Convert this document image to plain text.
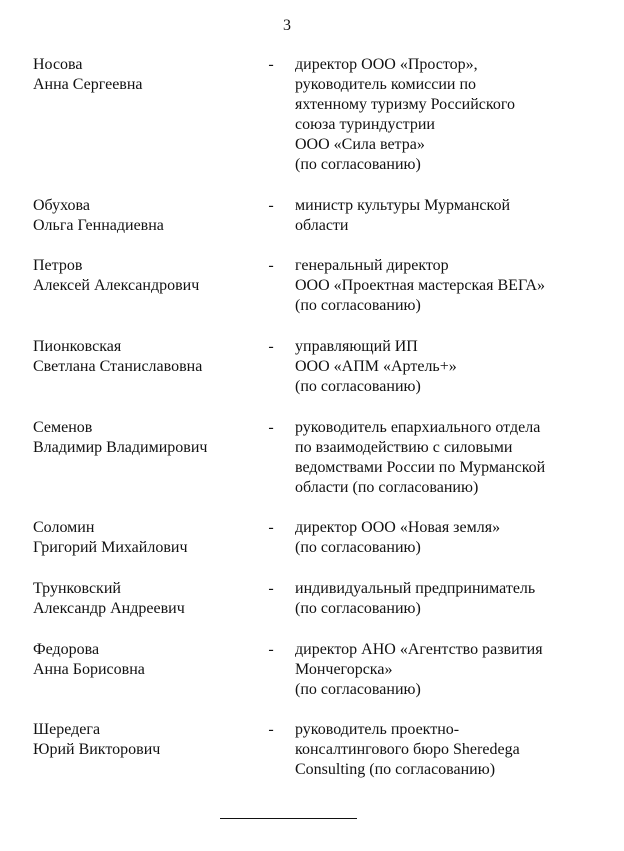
3
Носова
Анна Сергеевна
- директор ООО «Простор»,
руководитель комиссии по
яхтенному туризму Российского
союза туриндустрии
ООО «Сила ветра»
(по согласованию)
Обухова
Ольга Геннадиевна
- министр культуры Мурманской
области
Петров
Алексей Александрович
- генеральный директор
ООО «Проектная мастерская ВЕГА»
(по согласованию)
Пионковская
Светлана Станиславовна
- управляющий ИП
ООО «АПМ «Артель+»
(по согласованию)
Семенов
Владимир Владимирович
- руководитель епархиального отдела
по взаимодействию с силовыми
ведомствами России по Мурманской
области (по согласованию)
Соломин
Григорий Михайлович
- директор ООО «Новая земля»
(по согласованию)
Трунковский
Александр Андреевич
- индивидуальный предприниматель
(по согласованию)
Федорова
Анна Борисовна
- директор АНО «Агентство развития
Мончегорска»
(по согласованию)
Шередега
Юрий Викторович
- руководитель проектно-
консалтингового бюро Sheredega
Consulting (по согласованию)
